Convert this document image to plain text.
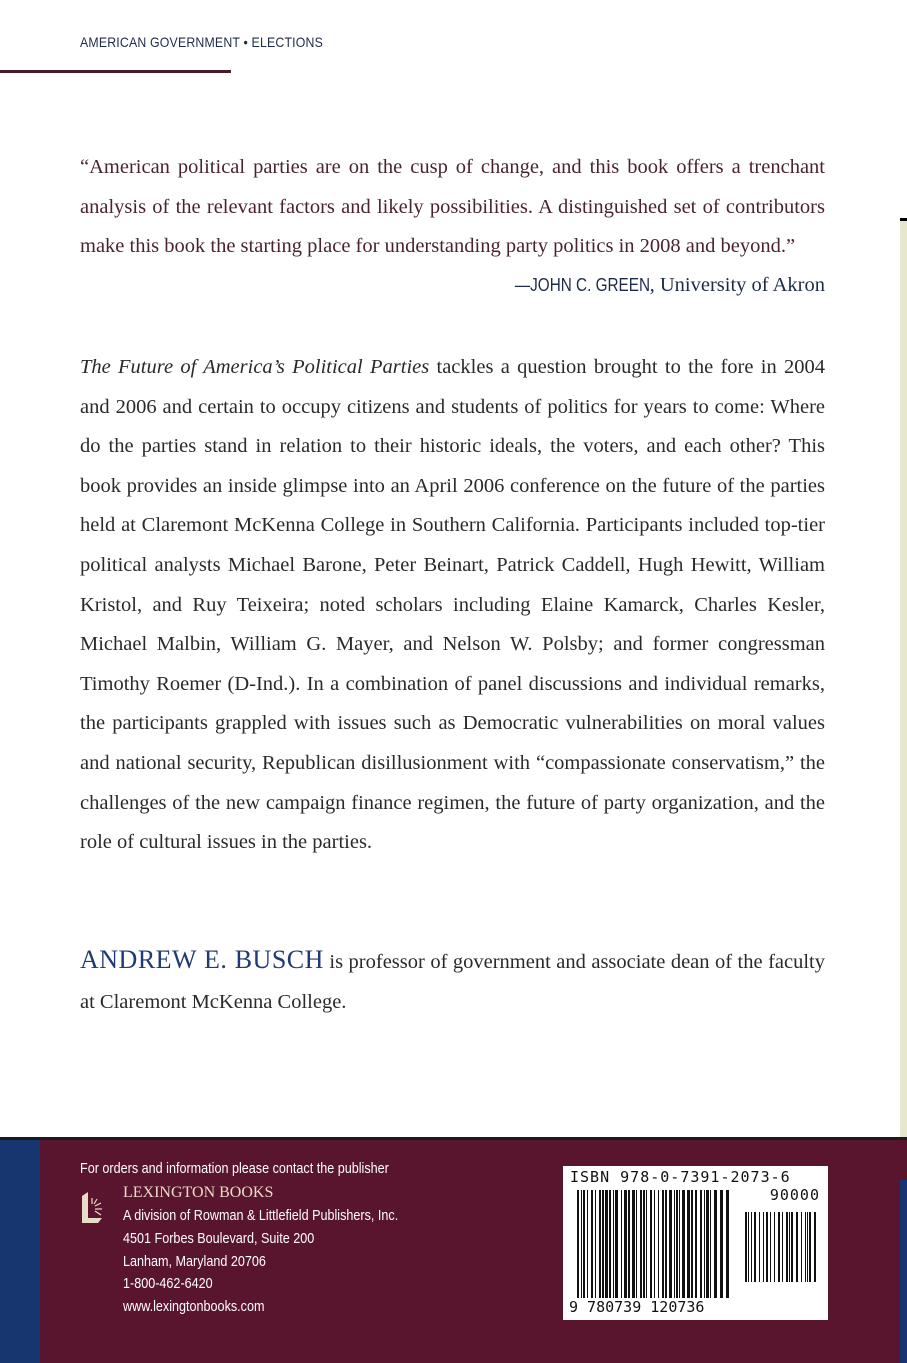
AMERICAN GOVERNMENT • ELECTIONS
“American political parties are on the cusp of change, and this book offers a trenchant analysis of the relevant factors and likely possibilities. A distinguished set of contributors make this book the starting place for understanding party politics in 2008 and beyond.”
—JOHN C. GREEN, University of Akron
The Future of America’s Political Parties tackles a question brought to the fore in 2004 and 2006 and certain to occupy citizens and students of politics for years to come: Where do the parties stand in relation to their historic ideals, the voters, and each other? This book provides an inside glimpse into an April 2006 conference on the future of the parties held at Claremont McKenna College in Southern California. Participants included top-tier political analysts Michael Barone, Peter Beinart, Patrick Caddell, Hugh Hewitt, William Kristol, and Ruy Teixeira; noted scholars including Elaine Kamarck, Charles Kesler, Michael Malbin, William G. Mayer, and Nelson W. Polsby; and former congressman Timothy Roemer (D-Ind.). In a combination of panel discussions and individual remarks, the participants grappled with issues such as Democratic vulnerabilities on moral values and national security, Republican disillusionment with “compassionate conservatism,” the challenges of the new campaign finance regimen, the future of party organization, and the role of cultural issues in the parties.
ANDREW E. BUSCH is professor of government and associate dean of the faculty at Claremont McKenna College.
For orders and information please contact the publisher
LEXINGTON BOOKS
A division of Rowman & Littlefield Publishers, Inc.
4501 Forbes Boulevard, Suite 200
Lanham, Maryland 20706
1-800-462-6420
www.lexingtonbooks.com
ISBN 978-0-7391-2073-6
90000
9 780739 120736
